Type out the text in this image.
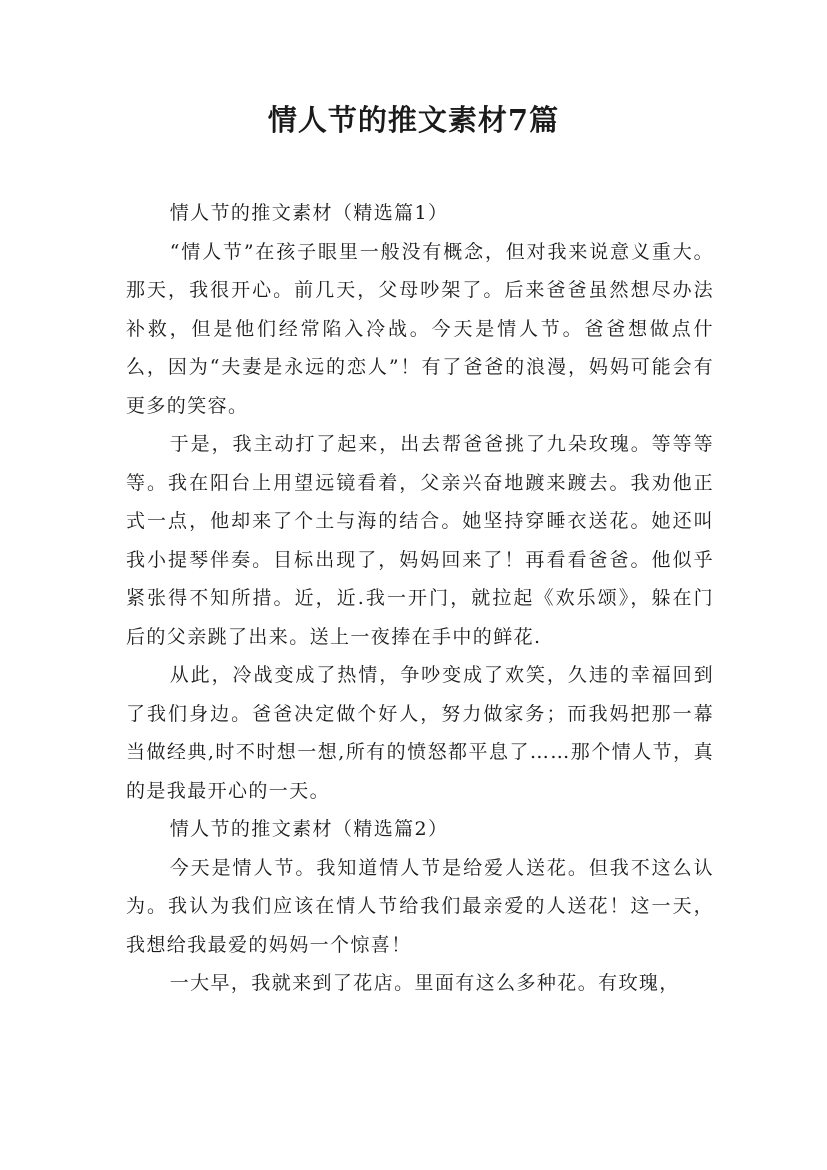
情人节的推文素材7篇

情人节的推文素材（精选篇1）

“情人节”在孩子眼里一般没有概念，但对我来说意义重大。那天，我很开心。前几天，父母吵架了。后来爸爸虽然想尽办法补救，但是他们经常陷入冷战。今天是情人节。爸爸想做点什么，因为“夫妻是永远的恋人”！有了爸爸的浪漫，妈妈可能会有更多的笑容。

于是，我主动打了起来，出去帮爸爸挑了九朵玫瑰。等等等等。我在阳台上用望远镜看着，父亲兴奋地踱来踱去。我劝他正式一点，他却来了个土与海的结合。她坚持穿睡衣送花。她还叫我小提琴伴奏。目标出现了，妈妈回来了！再看看爸爸。他似乎紧张得不知所措。近，近.我一开门，就拉起《欢乐颂》，躲在门后的父亲跳了出来。送上一夜捧在手中的鲜花.

从此，冷战变成了热情，争吵变成了欢笑，久违的幸福回到了我们身边。爸爸决定做个好人，努力做家务；而我妈把那一幕当做经典,时不时想一想,所有的愤怒都平息了……那个情人节，真的是我最开心的一天。

情人节的推文素材（精选篇2）

今天是情人节。我知道情人节是给爱人送花。但我不这么认为。我认为我们应该在情人节给我们最亲爱的人送花！这一天，我想给我最爱的妈妈一个惊喜！

一大早，我就来到了花店。里面有这么多种花。有玫瑰，
